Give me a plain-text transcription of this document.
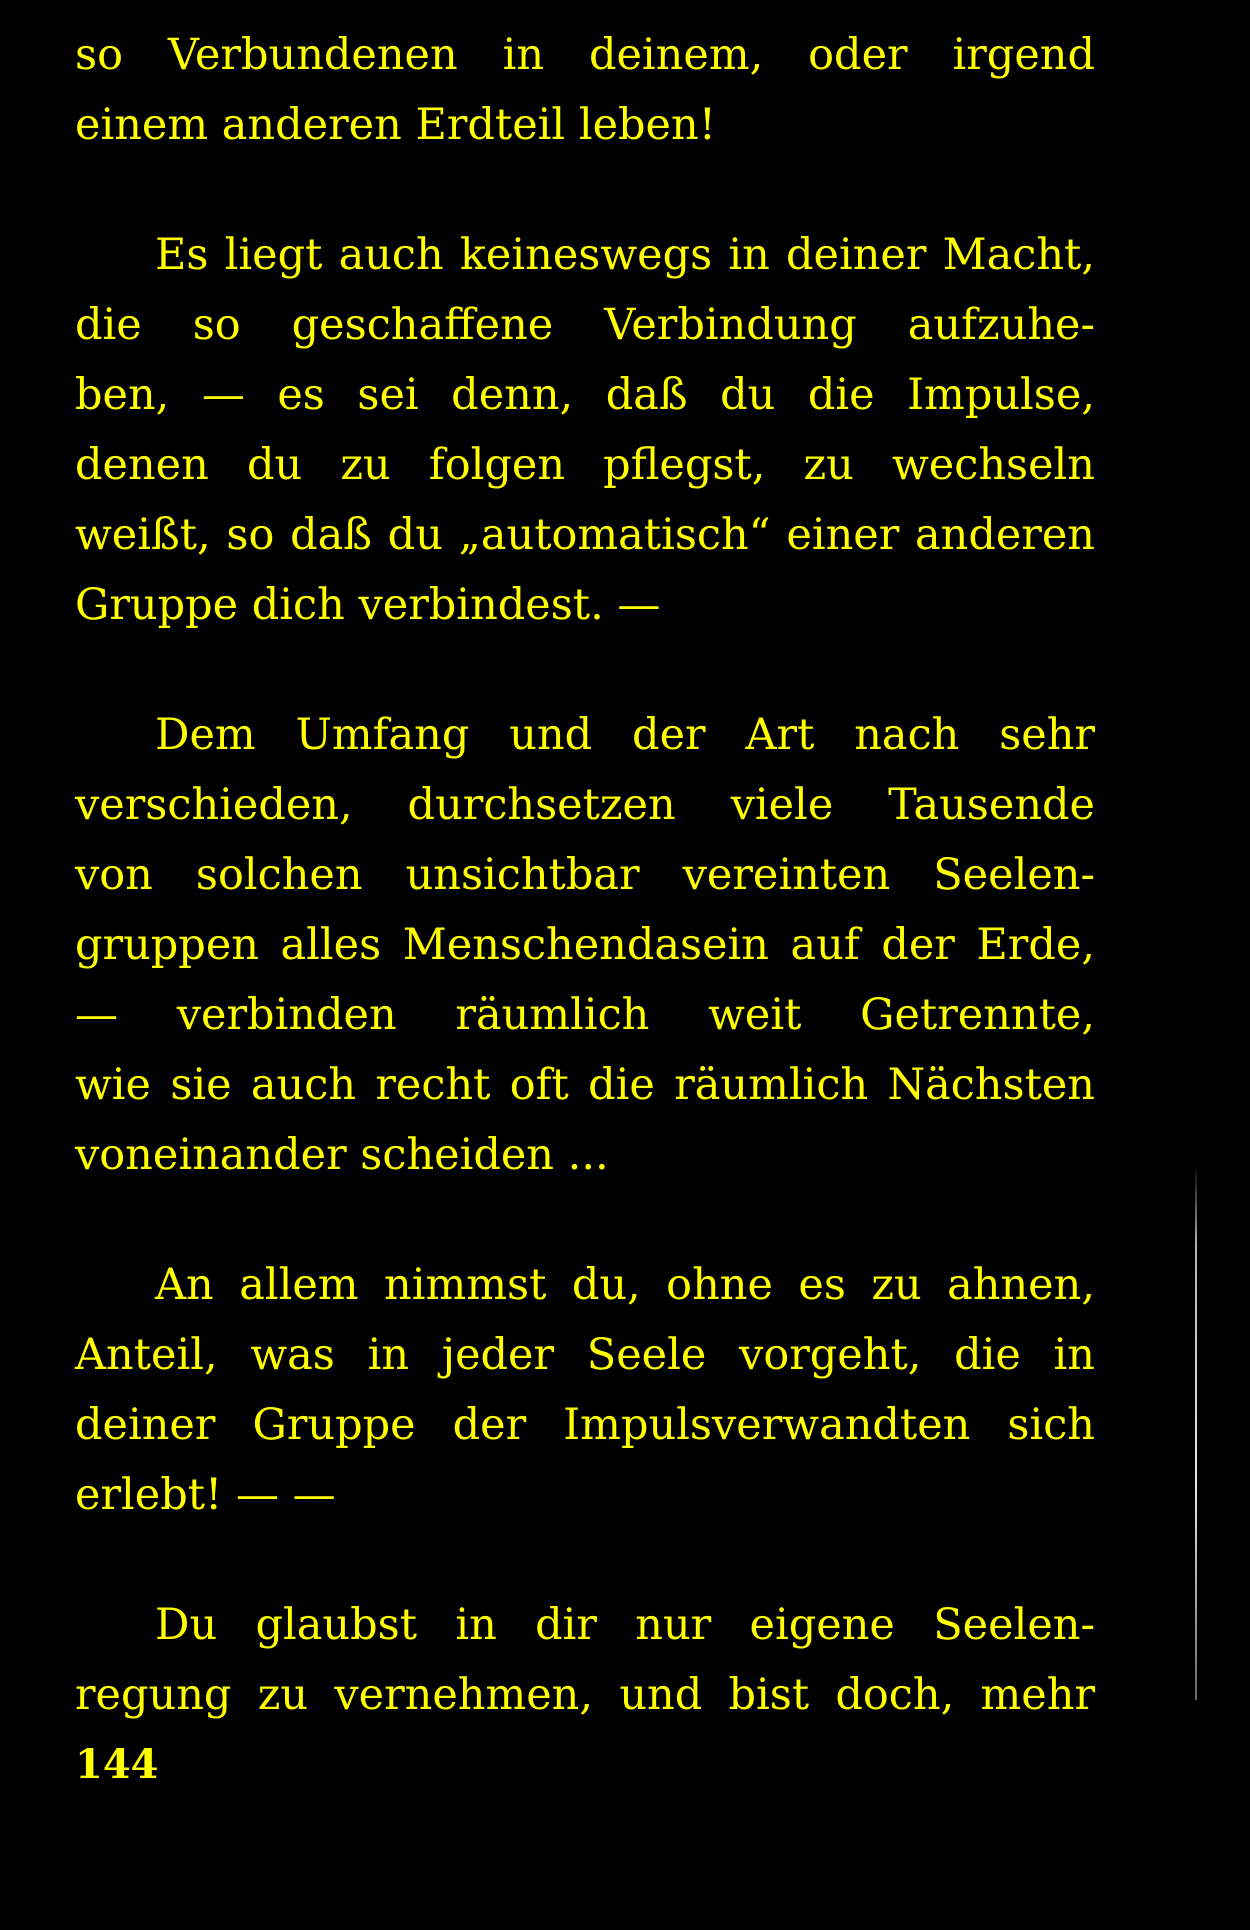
so Verbundenen in deinem, oder irgend
einem anderen Erdteil leben!
Es liegt auch keineswegs in deiner Macht,
die so geschaffene Verbindung aufzuhe-
ben, — es sei denn, daß du die Impulse,
denen du zu folgen pflegst, zu wechseln
weißt, so daß du „automatisch“ einer anderen
Gruppe dich verbindest. —
Dem Umfang und der Art nach sehr
verschieden, durchsetzen viele Tausende
von solchen unsichtbar vereinten Seelen-
gruppen alles Menschendasein auf der Erde,
— verbinden räumlich weit Getrennte,
wie sie auch recht oft die räumlich Nächsten
voneinander scheiden ...
An allem nimmst du, ohne es zu ahnen,
Anteil, was in jeder Seele vorgeht, die in
deiner Gruppe der Impulsverwandten sich
erlebt! — —
Du glaubst in dir nur eigene Seelen-
regung zu vernehmen, und bist doch, mehr
144
